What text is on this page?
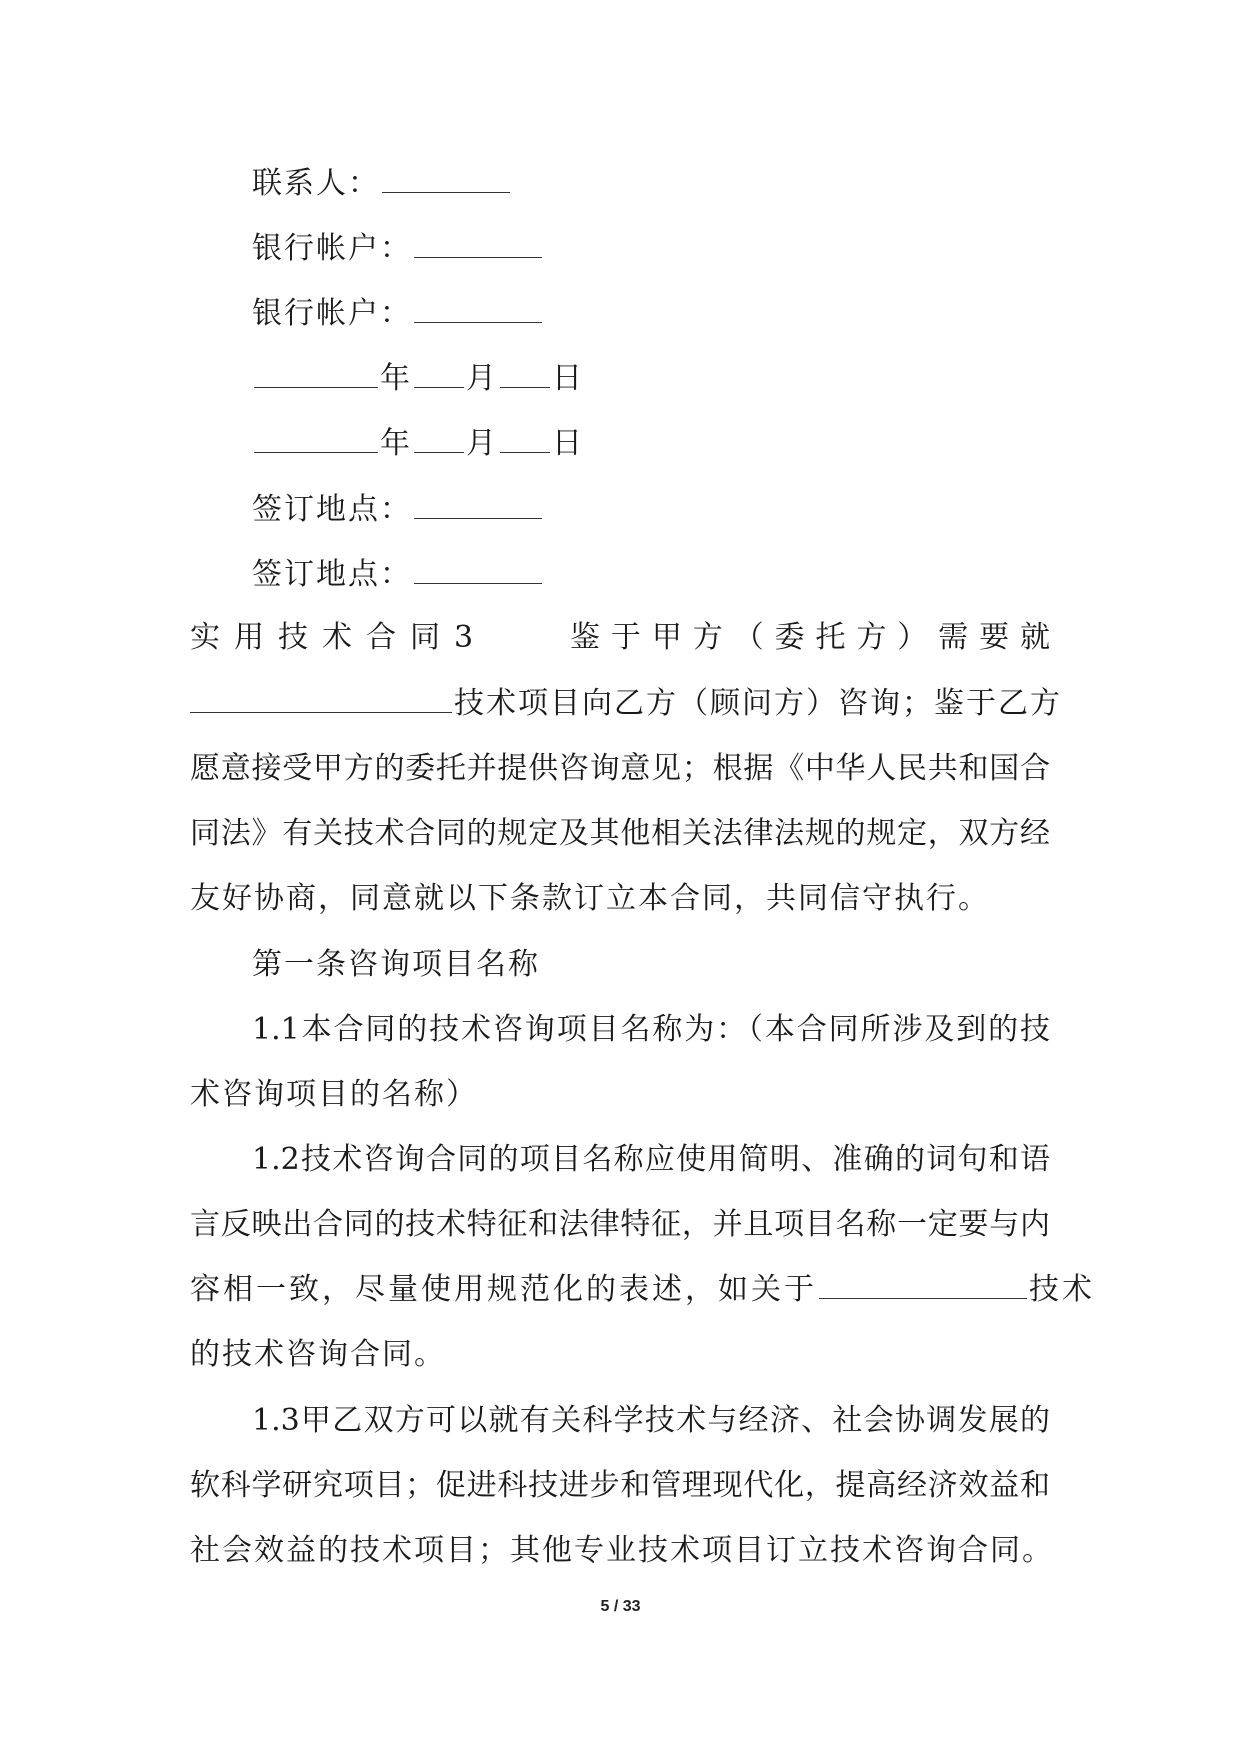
联系人：
银行帐户：
银行帐户：
年 月 日
年 月 日
签订地点：
签订地点：
实用技术合同3	鉴 于 甲 方 （ 委 托 方 ） 需 要 就
技术项目向乙方（顾问方）咨询；鉴于乙方
愿意接受甲方的委托并提供咨询意见；根据《中华人民共和国合
同法》有关技术合同的规定及其他相关法律法规的规定，双方经
友好协商，同意就以下条款订立本合同，共同信守执行。
第一条咨询项目名称
1.1本合同的技术咨询项目名称为：（本合同所涉及到的技
术咨询项目的名称）
1.2技术咨询合同的项目名称应使用简明、准确的词句和语
言反映出合同的技术特征和法律特征，并且项目名称一定要与内
容相一致，尽量使用规范化的表述，如关于	技术
的技术咨询合同。
1.3甲乙双方可以就有关科学技术与经济、社会协调发展的
软科学研究项目；促进科技进步和管理现代化，提高经济效益和
社会效益的技术项目；其他专业技术项目订立技术咨询合同。
5 / 33
